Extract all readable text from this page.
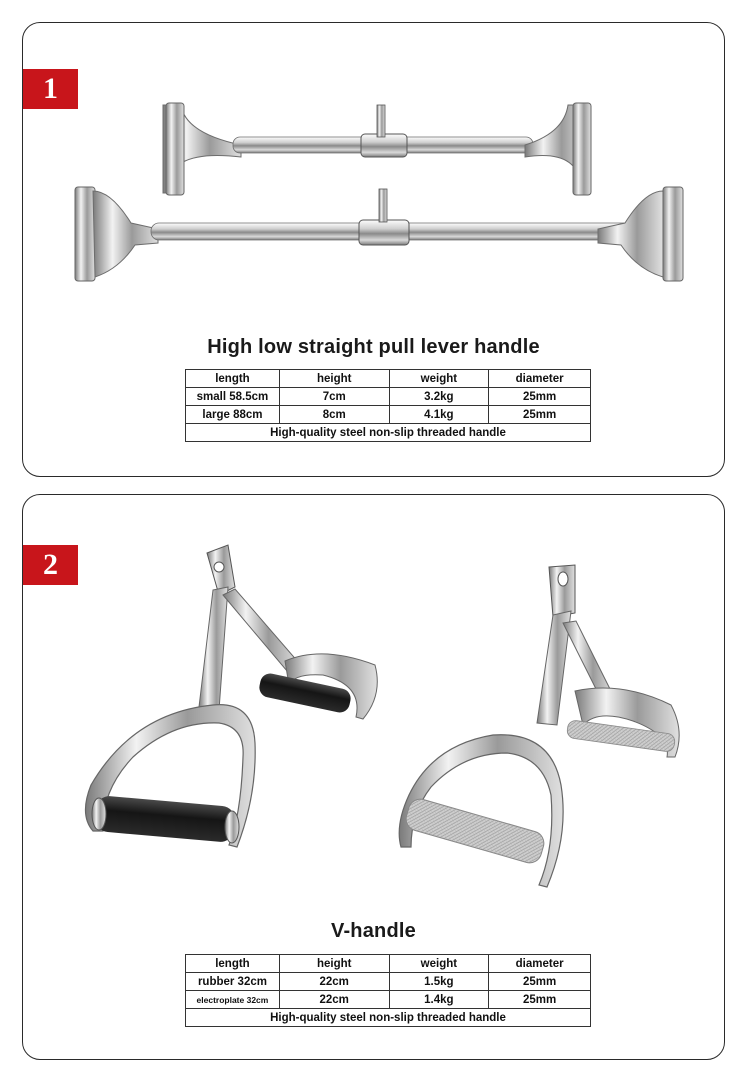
1
High low straight pull lever handle
length	height	weight	diameter
small 58.5cm	7cm	3.2kg	25mm
large 88cm	8cm	4.1kg	25mm
High-quality steel non-slip threaded handle			
2
V-handle
length	height	weight	diameter
rubber 32cm	22cm	1.5kg	25mm
electroplate 32cm	22cm	1.4kg	25mm
High-quality steel non-slip threaded handle			
